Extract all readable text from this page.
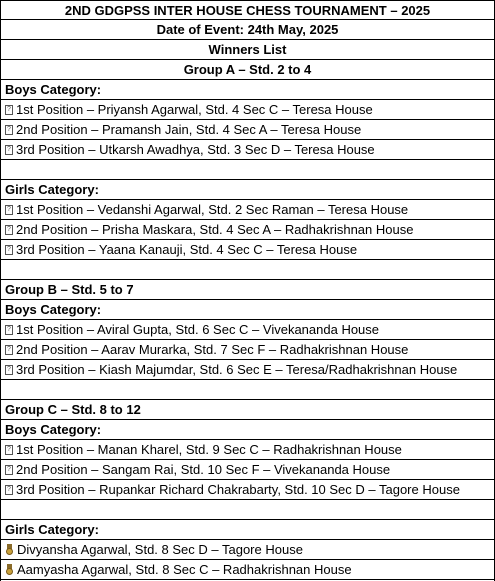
2ND GDGPSS INTER HOUSE CHESS TOURNAMENT – 2025
Date of Event: 24th May, 2025
Winners List
Group A – Std. 2 to 4
Boys Category:
?1st Position – Priyansh Agarwal, Std. 4 Sec C – Teresa House
?2nd Position – Pramansh Jain, Std. 4 Sec A – Teresa House
?3rd Position – Utkarsh Awadhya, Std. 3 Sec D – Teresa House
Girls Category:
?1st Position – Vedanshi Agarwal, Std. 2 Sec Raman – Teresa House
?2nd Position – Prisha Maskara, Std. 4 Sec A – Radhakrishnan House
?3rd Position – Yaana Kanauji, Std. 4 Sec C – Teresa House
Group B – Std. 5 to 7
Boys Category:
?1st Position – Aviral Gupta, Std. 6 Sec C – Vivekananda House
?2nd Position – Aarav Murarka, Std. 7 Sec F – Radhakrishnan House
?3rd Position – Kiash Majumdar, Std. 6 Sec E – Teresa/Radhakrishnan House
Group C – Std. 8 to 12
Boys Category:
?1st Position – Manan Kharel, Std. 9 Sec C – Radhakrishnan House
?2nd Position – Sangam Rai, Std. 10 Sec F – Vivekananda House
?3rd Position – Rupankar Richard Chakrabarty, Std. 10 Sec D – Tagore House
Girls Category:
Divyansha Agarwal, Std. 8 Sec D – Tagore House
Aamyasha Agarwal, Std. 8 Sec C – Radhakrishnan House
